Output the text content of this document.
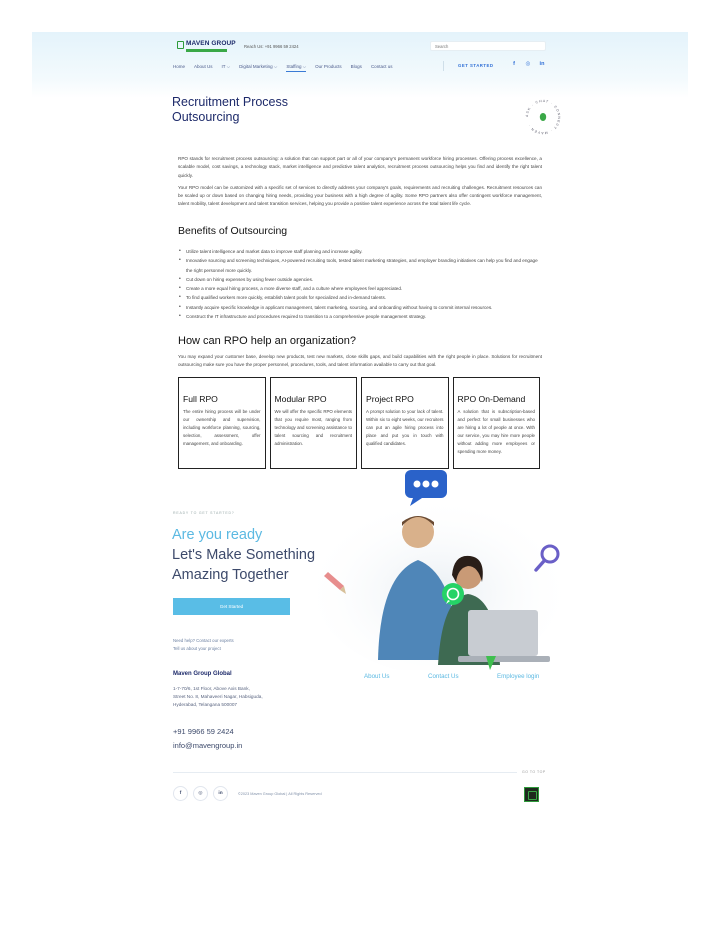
MAVEN GROUP Reach Us: +91 9966 59 2424
Search
Home About Us IT ⌵ Digital Marketing ⌵ Staffing ⌵ Our Products Blogs Contact us	GET STARTED	f	◎ in
Recruitment Process
Outsourcing	ASK · CHAT · CONNECT · MAVEN ·

RPO stands for recruitment process outsourcing: a solution that can support part or all of your company's permanent workforce hiring processes. Offering process excellence, a scalable model, cost savings, a technology stack, market intelligence and predictive talent analytics, recruitment process outsourcing helps you find and identify the right talent quickly.

Your RPO model can be customized with a specific set of services to directly address your company's goals, requirements and recruiting challenges. Recruitment resources can be scaled up or down based on changing hiring needs, providing your business with a high degree of agility. Some RPO partners also offer contingent workforce management, talent mobility, talent development and talent transition services, helping you provide a positive talent experience across the total talent life cycle.

Benefits of Outsourcing
• Utilize talent intelligence and market data to improve staff planning and increase agility.
• Innovative sourcing and screening techniques, AI-powered recruiting tools, tested talent marketing strategies, and employer branding initiatives can help you find and engage the right personnel more quickly.
• Cut down on hiring expenses by using fewer outside agencies.
• Create a more equal hiring process, a more diverse staff, and a culture where employees feel appreciated.
• To find qualified workers more quickly, establish talent pools for specialized and in-demand talents.
• Instantly acquire specific knowledge in applicant management, talent marketing, sourcing, and onboarding without having to commit internal resources.
• Construct the IT infrastructure and procedures required to transition to a comprehensive people management strategy.
How can RPO help an organization?

You may expand your customer base, develop new products, test new markets, close skills gaps, and build capabilities with the right people in place. Solutions for recruitment outsourcing make sure you have the proper personnel, procedures, tools, and talent information available to carry out that goal.

Full RPO
The entire hiring process will be under our ownership and supervision, including workforce planning, sourcing, selection, assessment, offer management, and onboarding.
Modular RPO
We will offer the specific RPO elements that you require most, ranging from technology and screening assistance to talent sourcing and recruitment administration.
Project RPO
A prompt solution to your lack of talent. Within six to eight weeks, our recruiters can put an agile hiring process into place and put you in touch with qualified candidates.
RPO On-Demand
A solution that is subscription-based and perfect for small businesses who are hiring a lot of people at once. With our service, you may hire more people without adding more employees or spending more money.
READY TO GET STARTED?
Are you ready
Let's Make Something
Amazing Together
Get Started
Need help? Contact our experts
Tell us about your project
Maven Group Global
1-7-70/6, 1st Floor, Above Axis Bank, Street No. 8, Mahaveeri Nagar, Habsiguda, Hyderabad, Telangana 500007
+91 9966 59 2424
info@mavengroup.in
About Us	Contact Us	Employee login
GO TO TOP
f	◎	in	©2023 Maven Group Global | All Rights Reserved
